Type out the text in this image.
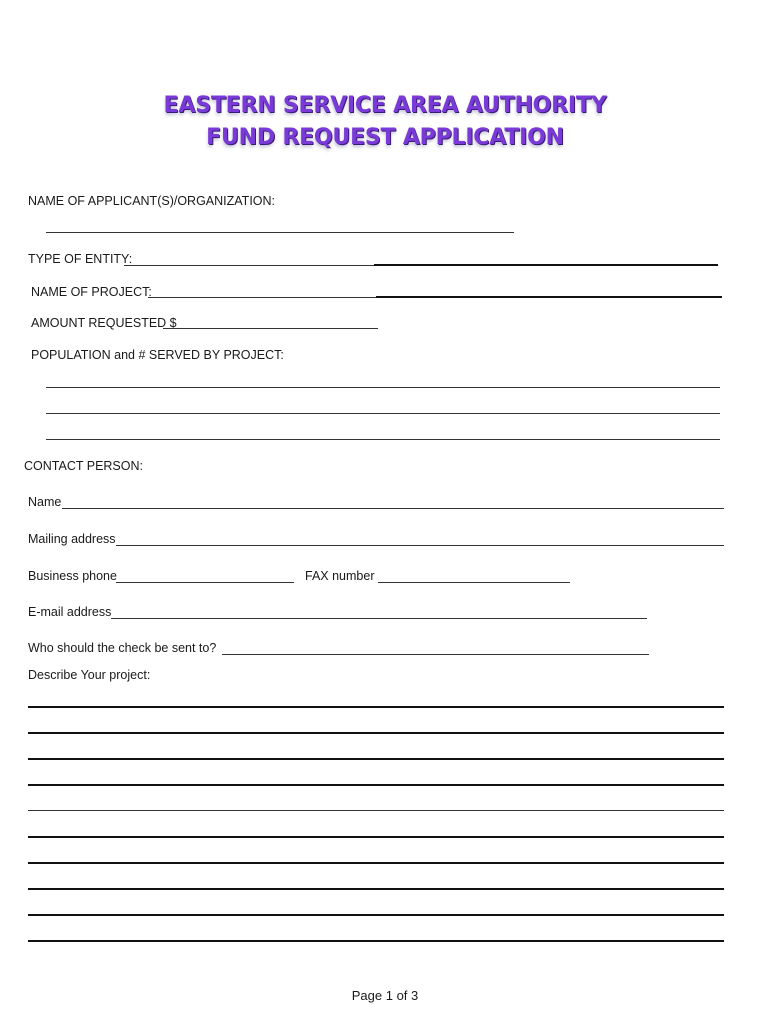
EASTERN SERVICE AREA AUTHORITY
FUND REQUEST APPLICATION
NAME OF APPLICANT(S)/ORGANIZATION:
TYPE OF ENTITY:
NAME OF PROJECT:
AMOUNT REQUESTED $
POPULATION and # SERVED BY PROJECT:
CONTACT PERSON:
Name
Mailing address
Business phone	FAX number
E-mail address
Who should the check be sent to?
Describe Your project:
Page 1 of 3
